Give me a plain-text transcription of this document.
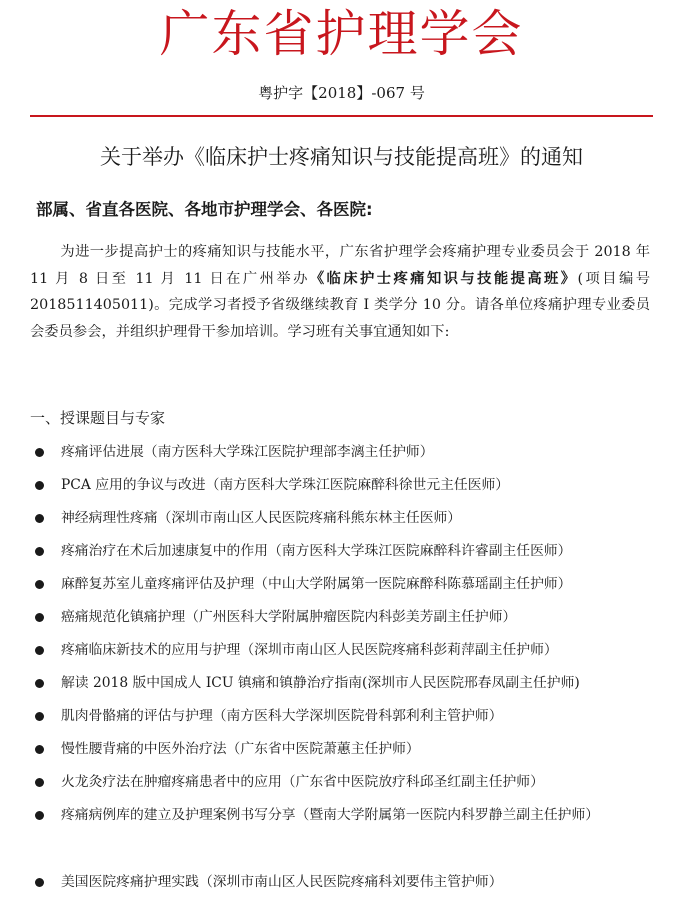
广东省护理学会
粤护字【2018】-067 号
关于举办《临床护士疼痛知识与技能提高班》的通知
部属、省直各医院、各地市护理学会、各医院:

为进一步提高护士的疼痛知识与技能水平，广东省护理学会疼痛护理专业委员会于 2018 年 11 月 8 日至 11 月 11 日在广州举办《临床护士疼痛知识与技能提高班》(项目编号 2018511405011)。完成学习者授予省级继续教育 I 类学分 10 分。请各单位疼痛护理专业委员会委员参会，并组织护理骨干参加培训。学习班有关事宜通知如下:

一、授课题目与专家
疼痛评估进展（南方医科大学珠江医院护理部李漓主任护师）
PCA 应用的争议与改进（南方医科大学珠江医院麻醉科徐世元主任医师）
神经病理性疼痛（深圳市南山区人民医院疼痛科熊东林主任医师）
疼痛治疗在术后加速康复中的作用（南方医科大学珠江医院麻醉科许睿副主任医师）
麻醉复苏室儿童疼痛评估及护理（中山大学附属第一医院麻醉科陈慕瑶副主任护师）
癌痛规范化镇痛护理（广州医科大学附属肿瘤医院内科彭美芳副主任护师）
疼痛临床新技术的应用与护理（深圳市南山区人民医院疼痛科彭莉萍副主任护师）
解读 2018 版中国成人 ICU 镇痛和镇静治疗指南(深圳市人民医院邢春凤副主任护师)
肌肉骨骼痛的评估与护理（南方医科大学深圳医院骨科郭利利主管护师）
慢性腰背痛的中医外治疗法（广东省中医院萧蕙主任护师）
火龙灸疗法在肿瘤疼痛患者中的应用（广东省中医院放疗科邱圣红副主任护师）
疼痛病例库的建立及护理案例书写分享（暨南大学附属第一医院内科罗静兰副主任护师）
美国医院疼痛护理实践（深圳市南山区人民医院疼痛科刘要伟主管护师）
